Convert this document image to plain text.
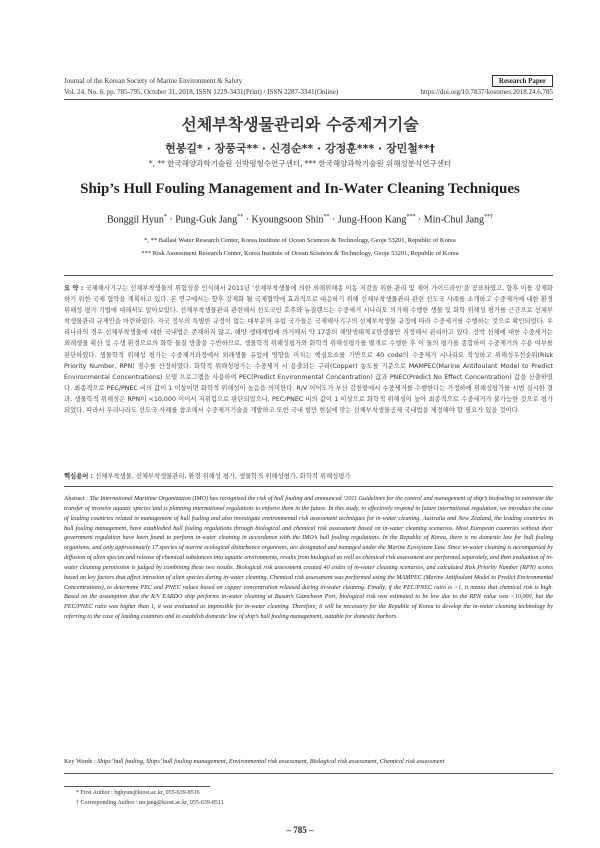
Journal of the Korean Society of Marine Environment & Safety	Research Paper
Vol. 24, No. 6, pp. 785-795, October 31, 2018, ISSN 1229-3431(Print) / ISSN 2287-3341(Online)	https://doi.org/10.7837/kosomes.2018.24.6.785
선체부착생물관리와 수중제거기술
현봉길* · 장풍국** · 신경순** · 강정훈*** · 장민철**†
*, ** 한국해양과학기술원 선박평형수연구센터, *** 한국해양과학기술원 위해성분석연구센터
Ship’s Hull Fouling Management and In-Water Cleaning Techniques
Bonggil Hyun* · Pung-Guk Jang** · Kyoungsoon Shin** · Jung-Hoon Kang*** · Min-Chul Jang**†
*, ** Ballast Water Research Center, Korea Institute of Ocean Sciences & Technology, Geoje 53201, Republic of Korea
*** Risk Assessment Research Center, Korea Institute of Ocean Sciences & Technology, Geoje 53201, Republic of Korea
요 약 : 국제해사기구는 선체부착생물의 위험성을 인식해서 2011년 ‘선체부착생물에 의한 외래위해종 이동 저감을 위한 관리 및 제어 가이드라인’을 공표하였고, 향후 이를 강제화하기 위한 국제 협약을 계획하고 있다. 본 연구에서는 향후 강제화 될 국제협약에 효과적으로 대응하기 위해 선체부착생물관리 관련 선도국 사례를 소개하고 수중제거에 대한 환경 위해성 평가 기법에 대해서도 알아보았다. 선체부착생물관리 관련해서 선도국인 호주와 뉴질랜드는 수중세거 시나리오 의거해 수행한 생물 및 화학 위해성 평가를 근간으로 선체부착생물관리 규제안을 마련하였다. 자국 정부의 특별한 규정이 없는 대부분의 유럽 국가들은 국제해사기구의 선체부착생물 규정에 따라 수중세거를 수행하는 것으로 확인되었다. 우리나라의 경우 선체부착생물에 대한 국내법은 존재하지 않고, 해양 생태계법에 의거해서 약 17종의 해양생태계교란생물만 지정해서 관리하고 있다. 전박 선체에 대한 수중세거는 외래생물 확산 및 수생 환경으로의 화학 물질 방출을 수반하므로, 생물학적 위해성평가와 화학적 위해성평가를 별개로 수행한 후 이 둘의 평가를 종합하여 수중제거의 수용 여부를 판단하였다. 생물학적 위해성 평가는 수중제거과정에서 외래생물 유입에 영향을 미치는 핵심요소를 기반으로 40 code의 수중제거 시나리오 작성하고 위해성우선순위(Risk Priority Number, RPN) 점수를 산정하였다. 화학적 위해성평가는 수중세거 시 용출되는 구리(Copper) 농도를 기준으로 MAMPEC(Marine Antifoulant Model to Predict Environmental Concentrations) 모델 프로그램을 사용하여 PEC(Predict Environmental Concentration) 값과 PNEC(Predict No Effect Concentration) 값을 산출하였다. 최종적으로 PEC/PNEC 비의 값이 1 이상이면 화학적 위해성이 높음을 의미한다. R/V 이어도가 부산 감천항에서 수중세거를 수행한다는 가정하에 위해성평가를 시범 실시한 결과, 생물학적 위해성은 RPN이 <10,000 이어서 저위험으로 판단되었으나, PEC/PNEC 비의 값이 1 이상으로 화학적 위해성이 높아 최종적으로 수중세거가 불가능한 것으로 평가되었다. 따라서 우리나라도 선도국 사례를 참조해서 수중제거기술을 개발하고 또한 국내 항만 현실에 맞는 선체부착생물공제 국내법을 제정해야 할 필요가 있을 것이다.
핵심용어 : 선체부착생물, 선체부착생물관리, 환경 위해성 평가, 생물학적 위해성평가, 화학적 위해성평가
Abstract : The International Maritime Organization (IMO) has recognized the risk of hull fouling and announced ‘2011 Guidelines for the control and management of ship’s biofouling to minimize the transfer of invasive aquatic species’and is planning international regulations to enforce them in the future. In this study, to effectively respond to future international regulation, we introduce the case of leading countries related to management of hull fouling and also investigate environmental risk assessment techniques for in-water cleaning. Australia and New Zealand, the leading countries in hull fouling management, have established hull fouling regulations through biological and chemical risk assessment based on in-water cleaning scenarios. Most European countries without their government regulation have been found to perform in-water cleaning in accordance with the IMO’s hull fouling regulations. In the Republic of Korea, there is no domestic law for hull fouling organisms, and only approximately 17 species of marine ecological disturbance organisms, are designated and managed under the Marine Ecosystem Law. Since in-water cleaning is accompanied by diffusion of alien species and release of chemical substances into aquatic environments, results from biological as well as chemical risk assessment are performed separately, and then evaluation of in-water cleaning permission is judged by combining these two results. Biological risk assessment created 40 codes of in-water cleaning scenarios, and calculated Risk Priority Number (RPN) scores based on key factors that affect intrusion of alien species during in-water cleaning. Chemical risk assessment was performed using the MAMPEC (Marine Antifoulant Model to Predict Environmental Concentrations), to determine PEC and PNEC values based on copper concentration released during in-water cleaning. Finally, if the PEC/PNEC ratio is >1, it means that chemical risk is high. Based on the assumption that the R/V EARDO ship performs in-water cleaning at Busan’s Gamcheon Port, biological risk was estimated to be low due to the RPN value was <10,000, but the PEC/PNEC ratio was higher than 1, it was evaluated as impossible for in-water cleaning. Therefore, it will be necessary for the Republic of Korea to develop the in-water cleaning technology by referring to the case of leading countries and to establish domestic law of ship’s hull fouling management, suitable for domestic harbors.
Key Words : Ships’ hull fouling, Ships’ hull fouling management, Environmental risk assessment, Biological risk assessment, Chemical risk assessment
* First Author : bghyun@kiost.ac.kr, 055-639-8516
† Corresponding Author : mcjang@kiost.ac.kr, 055-639-8511
– 785 –
